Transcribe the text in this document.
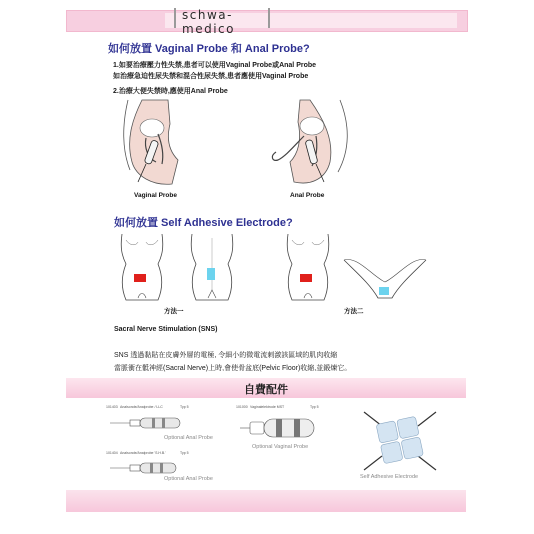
schwa-medico
如何放置 Vaginal Probe 和 Anal Probe?
1.如要治療壓力性失禁,患者可以使用Vaginal Probe或Anal Probe
如治療急迫性尿失禁和混合性尿失禁,患者應使用Vaginal Probe
2.治療大便失禁時,應使用Anal Probe
Vaginal Probe	Anal Probe
如何放置 Self Adhesive Electrode?
方法一	方法二
Sacral Nerve Stimulation (SNS)
SNS 透過黏貼在皮膚外層的電極, 令細小的微電流刺激該區域的肌肉收縮
當脈衝在骶神經(Sacral Nerve)上時,會使骨盆底(Pelvic Floor)收縮,並鍛煉它。
自費配件
101403 Analsonde/Analprobe / LLC	Typ 5
Optional Anal Probe
101404 Analsonde/Analprobe 'S.H.B.'	Typ 5
Optional Anal Probe
101000 Vaginalelektrode MST	Typ 5
Optional Vaginal Probe
Self Adhesive Electrode
